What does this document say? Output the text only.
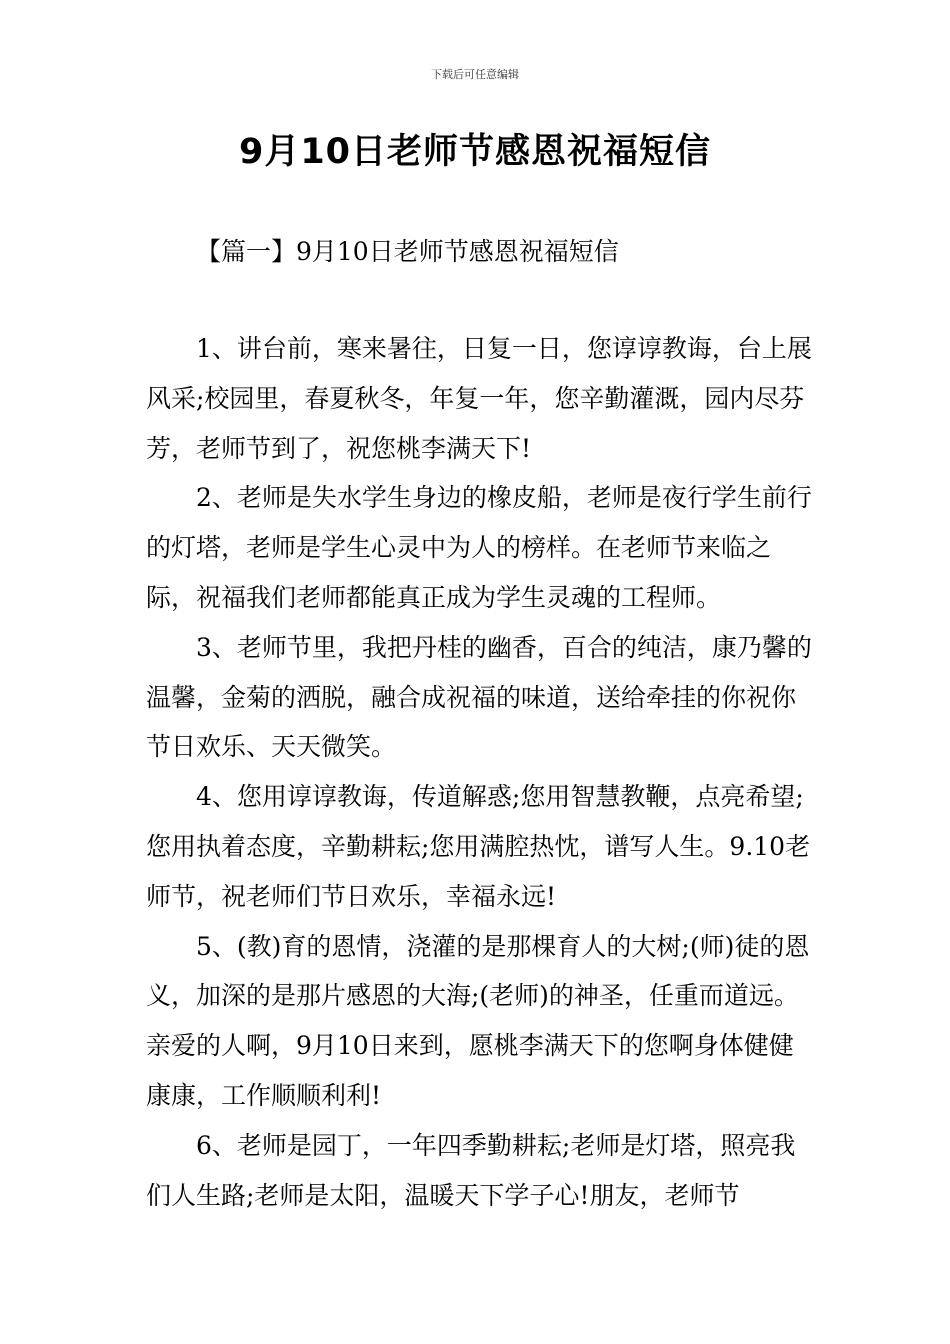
下载后可任意编辑
9月10日老师节感恩祝福短信
【篇一】9月10日老师节感恩祝福短信

1、讲台前，寒来暑往，日复一日，您谆谆教诲，台上展风采;校园里，春夏秋冬，年复一年，您辛勤灌溉，园内尽芬芳，老师节到了，祝您桃李满天下!

2、老师是失水学生身边的橡皮船，老师是夜行学生前行的灯塔，老师是学生心灵中为人的榜样。在老师节来临之际，祝福我们老师都能真正成为学生灵魂的工程师。

3、老师节里，我把丹桂的幽香，百合的纯洁，康乃馨的温馨，金菊的洒脱，融合成祝福的味道，送给牵挂的你祝你节日欢乐、天天微笑。

4、您用谆谆教诲，传道解惑;您用智慧教鞭，点亮希望;您用执着态度，辛勤耕耘;您用满腔热忱，谱写人生。9.10老师节，祝老师们节日欢乐，幸福永远!

5、(教)育的恩情，浇灌的是那棵育人的大树;(师)徒的恩义，加深的是那片感恩的大海;(老师)的神圣，任重而道远。亲爱的人啊，9月10日来到，愿桃李满天下的您啊身体健健康康，工作顺顺利利!

6、老师是园丁，一年四季勤耕耘;老师是灯塔，照亮我们人生路;老师是太阳，温暖天下学子心!朋友，老师节
